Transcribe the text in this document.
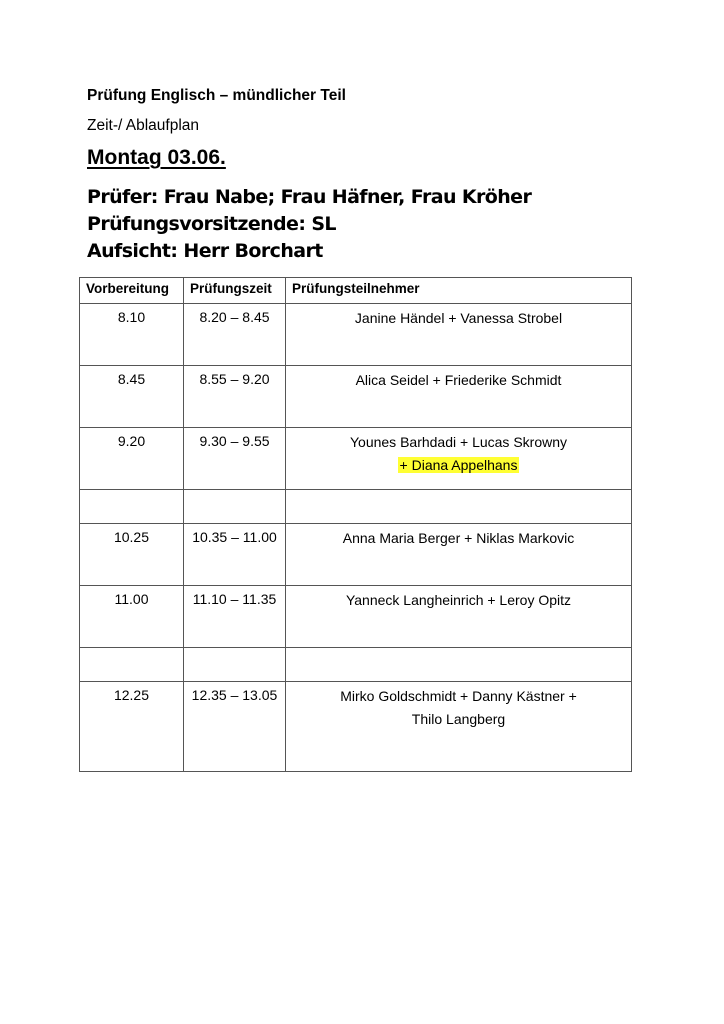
Prüfung Englisch – mündlicher Teil
Zeit-/ Ablaufplan
Montag 03.06.
Prüfer: Frau Nabe; Frau Häfner, Frau Kröher
Prüfungsvorsitzende: SL
Aufsicht: Herr Borchart
Vorbereitung	Prüfungszeit	Prüfungsteilnehmer
8.10	8.20 – 8.45	Janine Händel + Vanessa Strobel

8.45	8.55 – 9.20	Alica Seidel + Friederike Schmidt

9.20	9.30 – 9.55	Younes Barhdadi + Lucas Skrowny
+ Diana Appelhans

10.25	10.35 – 11.00	Anna Maria Berger + Niklas Markovic

11.00	11.10 – 11.35	Yanneck Langheinrich + Leroy Opitz

12.25	12.35 – 13.05	Mirko Goldschmidt + Danny Kästner +
Thilo Langberg
